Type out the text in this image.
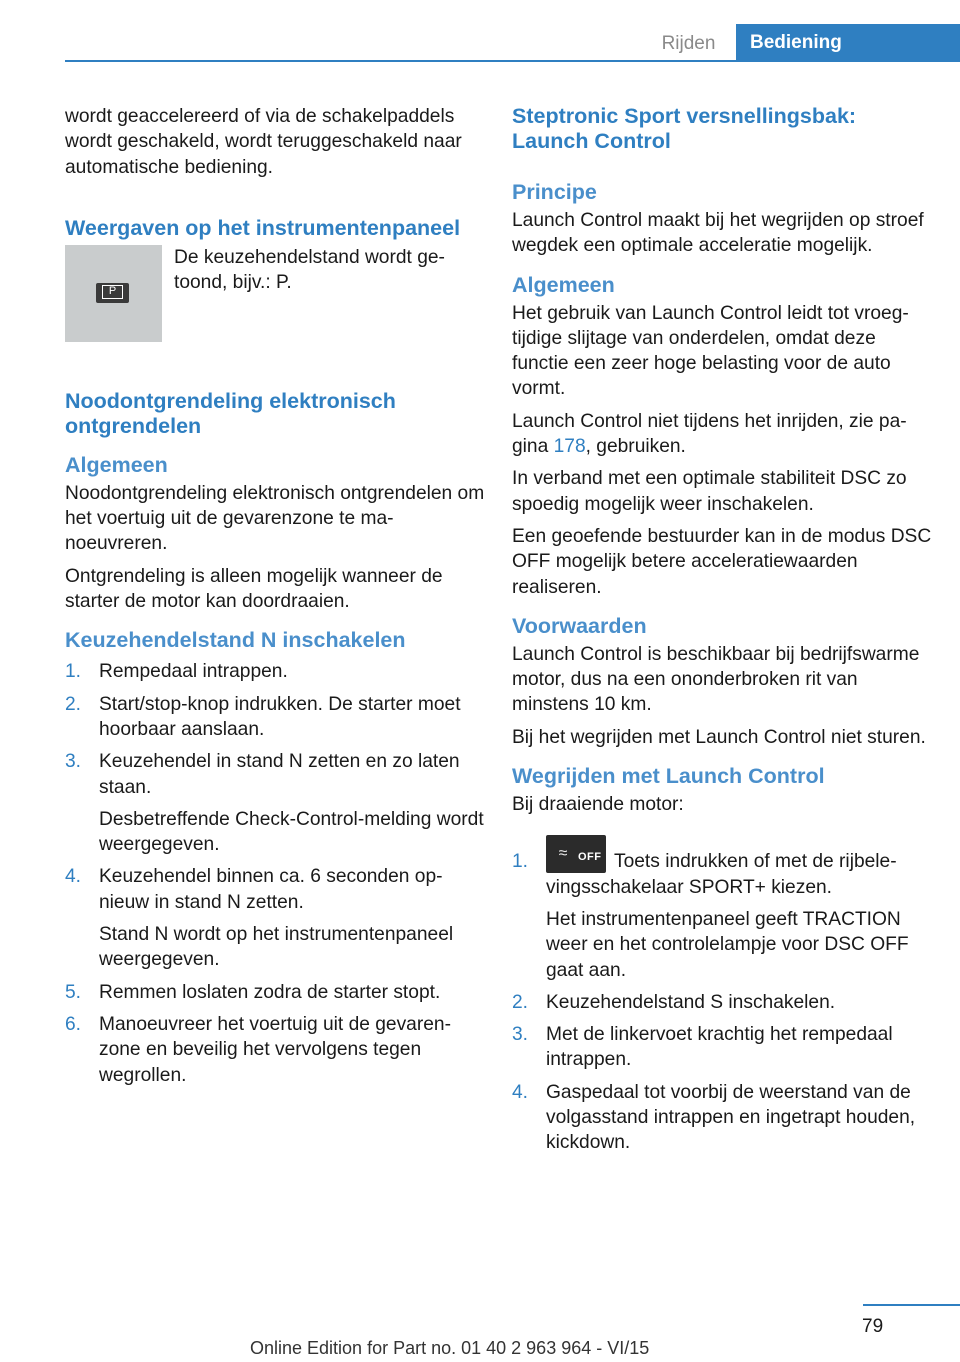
Rijden	Bediening

wordt geaccelereerd of via de schakelpaddels wordt geschakeld, wordt teruggeschakeld naar automatische bediening.

Weergaven op het instrumentenpaneel
P
De keuzehendelstand wordt getoond, bijv.: P.
Noodontgrendeling elektronisch ontgrendelen
Algemeen

Noodontgrendeling elektronisch ontgrendelen om het voertuig uit de gevarenzone te manoeuvreren.

Ontgrendeling is alleen mogelijk wanneer de starter de motor kan doordraaien.

Keuzehendelstand N inschakelen
1. Rempedaal intrappen.
2. Start/stop-knop indrukken. De starter moet hoorbaar aanslaan.
3. Keuzehendel in stand N zetten en zo laten staan.
Desbetreffende Check-Control-melding wordt weergegeven.
4. Keuzehendel binnen ca. 6 seconden opnieuw in stand N zetten.
Stand N wordt op het instrumentenpaneel weergegeven.
5. Remmen loslaten zodra de starter stopt.
6. Manoeuvreer het voertuig uit de gevarenzone en beveilig het vervolgens tegen wegrollen.
Steptronic Sport versnellingsbak: Launch Control
Principe

Launch Control maakt bij het wegrijden op stroef wegdek een optimale acceleratie mogelijk.

Algemeen

Het gebruik van Launch Control leidt tot vroegtijdige slijtage van onderdelen, omdat deze functie een zeer hoge belasting voor de auto vormt.

Launch Control niet tijdens het inrijden, zie pagina 178, gebruiken.

In verband met een optimale stabiliteit DSC zo spoedig mogelijk weer inschakelen.

Een geoefende bestuurder kan in de modus DSC OFF mogelijk betere acceleratiewaarden realiseren.

Voorwaarden

Launch Control is beschikbaar bij bedrijfswarme motor, dus na een ononderbroken rit van minstens 10 km.

Bij het wegrijden met Launch Control niet sturen.

Wegrijden met Launch Control

Bij draaiende motor:

1.	≈ OFF Toets indrukken of met de rijbelevingsschakelaar SPORT+ kiezen.
Het instrumentenpaneel geeft TRACTION weer en het controlelampje voor DSC OFF gaat aan.
2. Keuzehendelstand S inschakelen.
3. Met de linkervoet krachtig het rempedaal intrappen.
4. Gaspedaal tot voorbij de weerstand van de volgasstand intrappen en ingetrapt houden, kickdown.
79
Online Edition for Part no. 01 40 2 963 964 - VI/15
